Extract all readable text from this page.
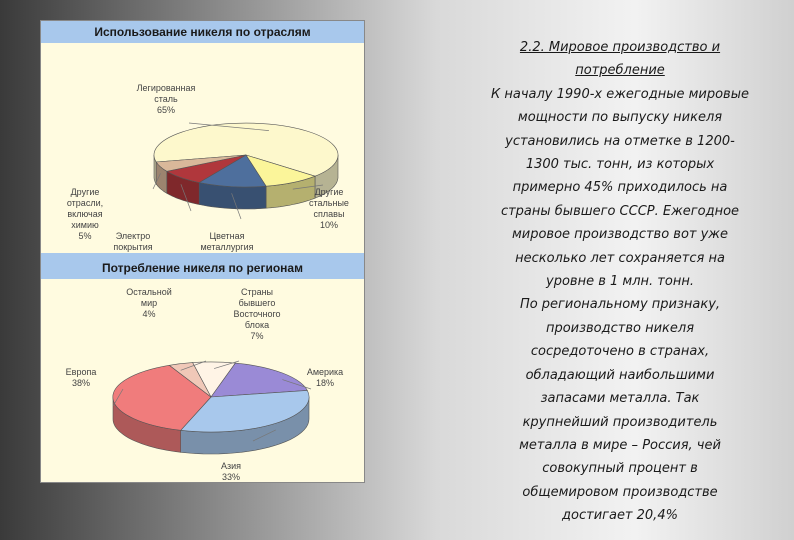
Использование никеля по отраслям
Легированная
сталь
65%
Другие
стальные
сплавы
10%
Цветная
металлургия
Электро
покрытия
Другие
отрасли,
включая
химию
5%
Потребление никеля по регионам
Страны
бывшего
Восточного
блока
7%
Америка
18%
Азия
33%
Европа
38%
Остальной
мир
4%
2.2. Мировое производство и
потребление
К началу 1990-х ежегодные мировые
мощности по выпуску никеля
установились на отметке в 1200-
1300 тыс. тонн, из которых
примерно 45% приходилось на
страны бывшего СССР. Ежегодное
мировое производство вот уже
несколько лет сохраняется на
уровне в 1 млн. тонн.
По региональному признаку,
производство никеля
сосредоточено в странах,
обладающий наибольшими
запасами металла. Так
крупнейший производитель
металла в мире – Россия, чей
совокупный процент в
общемировом производстве
достигает 20,4%
